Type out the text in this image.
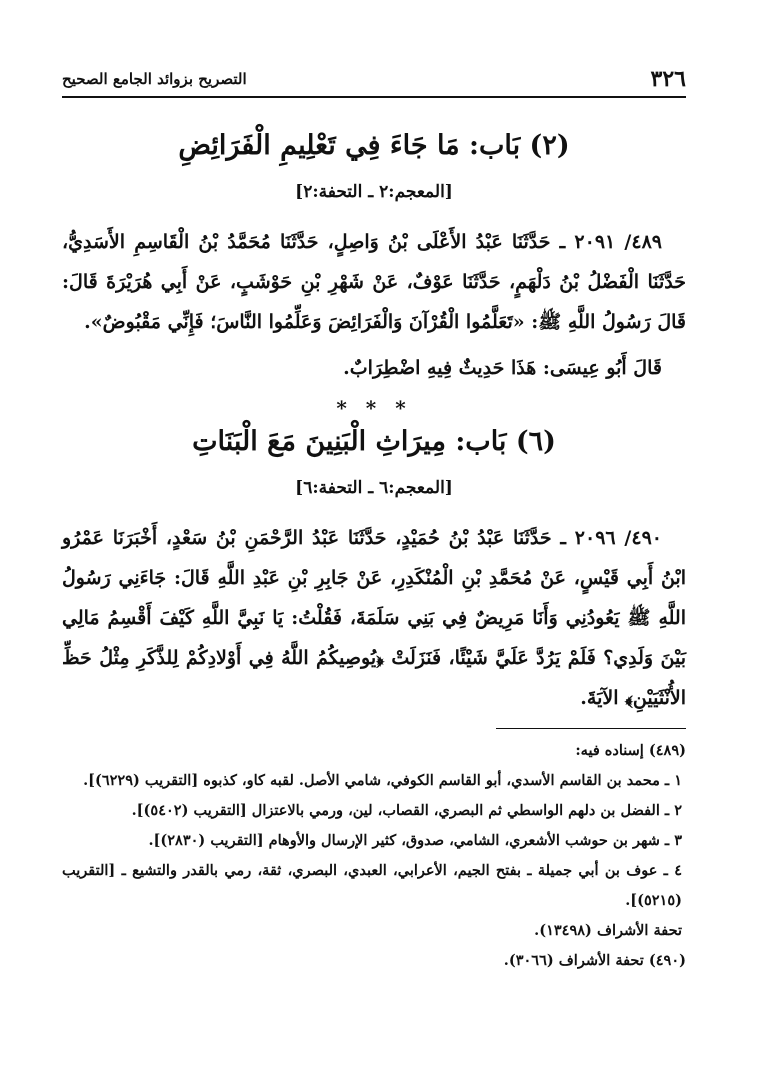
٣٢٦
التصريح بزوائد الجامع الصحيح
(٢) بَاب: مَا جَاءَ فِي تَعْلِيمِ الْفَرَائِضِ
[المعجم:٢ ـ التحفة:٢]

٤٨٩/ ٢٠٩١ ـ حَدَّثَنَا عَبْدُ الأَعْلَى بْنُ وَاصِلٍ، حَدَّثَنَا مُحَمَّدُ بْنُ الْقَاسِمِ الأَسَدِيُّ، حَدَّثَنَا الْفَضْلُ بْنُ دَلْهَمٍ، حَدَّثَنَا عَوْفٌ، عَنْ شَهْرِ بْنِ حَوْشَبٍ، عَنْ أَبِي هُرَيْرَةَ قَالَ: قَالَ رَسُولُ اللَّهِ ﷺ: «تَعَلَّمُوا الْقُرْآنَ وَالْفَرَائِضَ وَعَلِّمُوا النَّاسَ؛ فَإِنِّي مَقْبُوضٌ».

قَالَ أَبُو عِيسَى: هَذَا حَدِيثٌ فِيهِ اضْطِرَابٌ.

* * *
(٦) بَاب: مِيرَاثِ الْبَنِينَ مَعَ الْبَنَاتِ
[المعجم:٦ ـ التحفة:٦]

٤٩٠/ ٢٠٩٦ ـ حَدَّثَنَا عَبْدُ بْنُ حُمَيْدٍ، حَدَّثَنَا عَبْدُ الرَّحْمَنِ بْنُ سَعْدٍ، أَخْبَرَنَا عَمْرُو ابْنُ أَبِي قَيْسٍ، عَنْ مُحَمَّدِ بْنِ الْمُنْكَدِرِ، عَنْ جَابِرِ بْنِ عَبْدِ اللَّهِ قَالَ: جَاءَنِي رَسُولُ اللَّهِ ﷺ يَعُودُنِي وَأَنَا مَرِيضٌ فِي بَنِي سَلَمَةَ، فَقُلْتُ: يَا نَبِيَّ اللَّهِ كَيْفَ أَقْسِمُ مَالِي بَيْنَ وَلَدِي؟ فَلَمْ يَرُدَّ عَلَيَّ شَيْئًا، فَنَزَلَتْ ﴿يُوصِيكُمُ اللَّهُ فِي أَوْلادِكُمْ لِلذَّكَرِ مِثْلُ حَظِّ الأُنْثَيَيْنِ﴾ الآيَةَ.

(٤٨٩) إسناده فيه:

١ ـ محمد بن القاسم الأسدي، أبو القاسم الكوفي، شامي الأصل. لقبه كاو، كذبوه [التقريب (٦٢٢٩)].

٢ ـ الفضل بن دلهم الواسطي ثم البصري، القصاب، لين، ورمي بالاعتزال [التقريب (٥٤٠٢)].

٣ ـ شهر بن حوشب الأشعري، الشامي، صدوق، كثير الإرسال والأوهام [التقريب (٢٨٣٠)].

٤ ـ عوف بن أبي جميلة ـ بفتح الجيم، الأعرابي، العبدي، البصري، ثقة، رمي بالقدر والتشيع ـ [التقريب (٥٢١٥)].

تحفة الأشراف (١٣٤٩٨).

(٤٩٠) تحفة الأشراف (٣٠٦٦).
